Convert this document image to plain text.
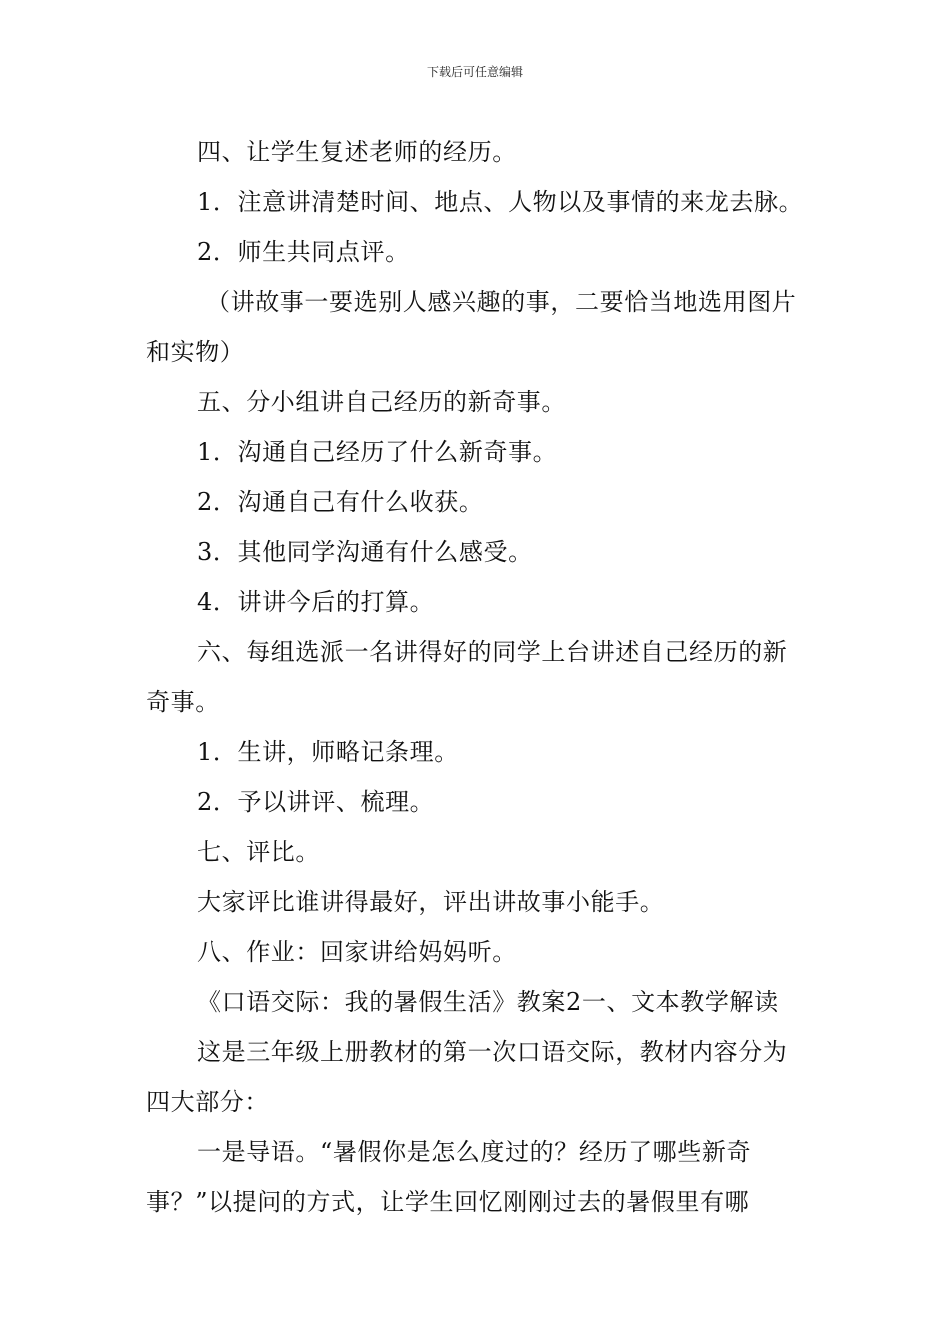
下载后可任意编辑

四、让学生复述老师的经历。

1．注意讲清楚时间、地点、人物以及事情的来龙去脉。

2．师生共同点评。

（讲故事一要选别人感兴趣的事，二要恰当地选用图片和实物）

五、分小组讲自己经历的新奇事。

1．沟通自己经历了什么新奇事。

2．沟通自己有什么收获。

3．其他同学沟通有什么感受。

4．讲讲今后的打算。

六、每组选派一名讲得好的同学上台讲述自己经历的新奇事。

1．生讲，师略记条理。

2．予以讲评、梳理。

七、评比。

大家评比谁讲得最好，评出讲故事小能手。

八、作业：回家讲给妈妈听。

《口语交际：我的暑假生活》教案2一、文本教学解读

这是三年级上册教材的第一次口语交际，教材内容分为四大部分：

一是导语。“暑假你是怎么度过的？经历了哪些新奇事？”以提问的方式，让学生回忆刚刚过去的暑假里有哪
